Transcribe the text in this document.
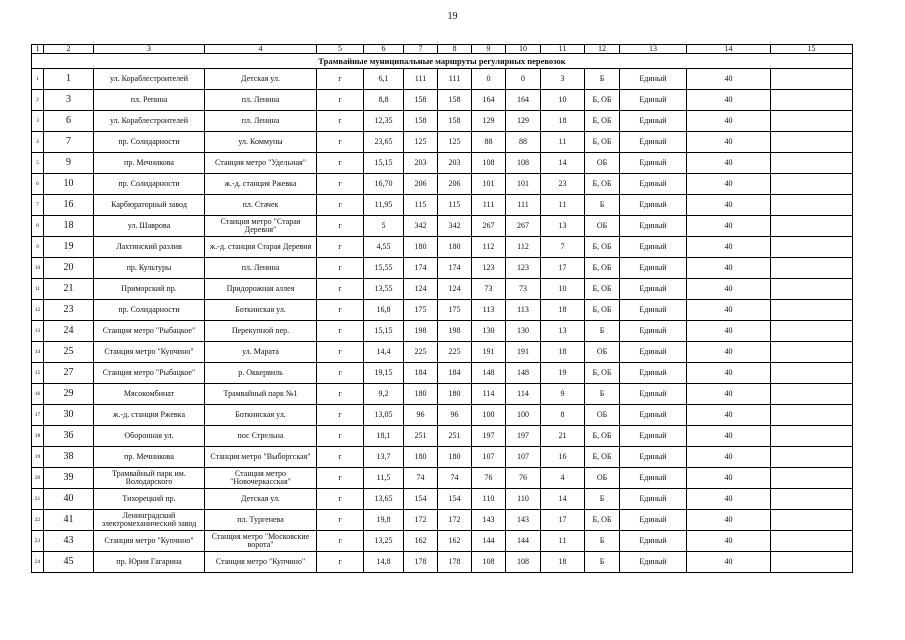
19
1	2	3	4	5	6	7	8	9	10	11	12	13	14	15
Трамвайные муниципальные маршруты регулярных перевозок														
1	1	ул. Кораблестроителей	Детская ул.	г	6,1	111	111	0	0	3	Б	Единый	40	
2	3	пл. Репина	пл. Ленина	г	8,8	158	158	164	164	10	Б, ОБ	Единый	40	
3	6	ул. Кораблестроителей	пл. Ленина	г	12,35	158	158	129	129	18	Б, ОБ	Единый	40	
4	7	пр. Солидарности	ул. Коммуны	г	23,65	125	125	88	88	11	Б, ОБ	Единый	40	
5	9	пр. Мечникова	Станция метро "Удельная"	г	15,15	203	203	108	108	14	ОБ	Единый	40	
6	10	пр. Солидарности	ж.-д. станция Ржевка	г	16,70	206	206	101	101	23	Б, ОБ	Единый	40	
7	16	Карбюраторный завод	пл. Стачек	г	11,95	115	115	111	111	11	Б	Единый	40	
8	18	ул. Шаврова	Станция метро "Старая Деревня"	г	5	342	342	267	267	13	ОБ	Единый	40	
9	19	Лахтинский разлив	ж.-д. станция Старая Деревня	г	4,55	180	180	112	112	7	Б, ОБ	Единый	40	
10	20	пр. Культуры	пл. Ленина	г	15,55	174	174	123	123	17	Б, ОБ	Единый	40	
11	21	Приморский пр.	Придорожная аллея	г	13,55	124	124	73	73	10	Б, ОБ	Единый	40	
12	23	пр. Солидарности	Боткинская ул.	г	16,8	175	175	113	113	18	Б, ОБ	Единый	40	
13	24	Станция метро "Рыбацкое"	Перекупной пер.	г	15,15	198	198	130	130	13	Б	Единый	40	
14	25	Станция метро "Купчино"	ул. Марата	г	14,4	225	225	191	191	18	ОБ	Единый	40	
15	27	Станция метро "Рыбацкое"	р. Оккервиль	г	19,15	184	184	148	148	19	Б, ОБ	Единый	40	
16	29	Мясокомбинат	Трамвайный парк №1	г	9,2	180	180	114	114	9	Б	Единый	40	
17	30	ж.-д. станция Ржевка	Боткинская ул.	г	13,05	96	96	100	100	8	ОБ	Единый	40	
18	36	Оборонная ул.	пос Стрельна	г	18,1	251	251	197	197	21	Б, ОБ	Единый	40	
19	38	пр. Мечникова	Станция метро "Выборгская"	г	13,7	180	180	107	107	16	Б, ОБ	Единый	40	
20	39	Трамвайный парк им. Володарского	Станция метро "Новочеркасская"	г	11,5	74	74	76	76	4	ОБ	Единый	40	
21	40	Тихорецкий пр.	Детская ул.	г	13,65	154	154	110	110	14	Б	Единый	40	
22	41	Ленинградский электромеханический завод	пл. Тургенева	г	19,8	172	172	143	143	17	Б, ОБ	Единый	40	
23	43	Станция метро "Купчино"	Станция метро "Московские ворота"	г	13,25	162	162	144	144	11	Б	Единый	40	
24	45	пр. Юрия Гагарина	Станция метро "Купчино"	г	14,8	178	178	108	108	18	Б	Единый	40	
